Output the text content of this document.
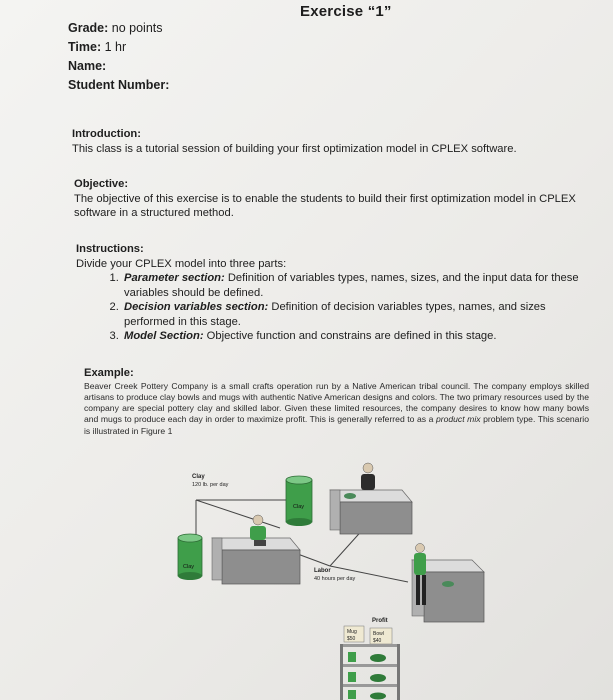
Exercise “1”
Grade: no points
Time: 1 hr
Name:
Student Number:
Introduction:
This class is a tutorial session of building your first optimization model in CPLEX software.
Objective:
The objective of this exercise is to enable the students to build their first optimization model in CPLEX software in a structured method.
Instructions:
Divide your CPLEX model into three parts:
1. Parameter section: Definition of variables types, names, sizes, and the input data for these variables should be defined.
2. Decision variables section: Definition of decision variables types, names, and sizes performed in this stage.
3. Model Section: Objective function and constrains are defined in this stage.
Example:
Beaver Creek Pottery Company is a small crafts operation run by a Native American tribal council. The company employs skilled artisans to produce clay bowls and mugs with authentic Native American designs and colors. The two primary resources used by the company are special pottery clay and skilled labor. Given these limited resources, the company desires to know how many bowls and mugs to produce each day in order to maximize profit. This is generally referred to as a product mix problem type. This scenario is illustrated in Figure 1
Clay
120 lb. per day
Clay
Clay
Labor
40 hours per day
Profit
Mug
$50
Bowl
$40
